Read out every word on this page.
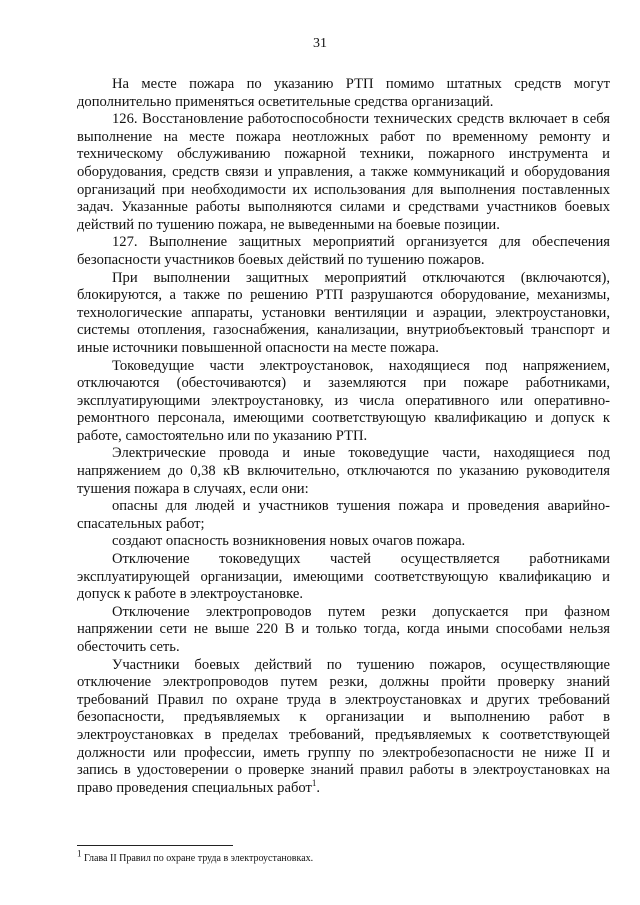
31

На месте пожара по указанию РТП помимо штатных средств могут дополнительно применяться осветительные средства организаций.

126. Восстановление работоспособности технических средств включает в себя выполнение на месте пожара неотложных работ по временному ремонту и техническому обслуживанию пожарной техники, пожарного инструмента и оборудования, средств связи и управления, а также коммуникаций и оборудования организаций при необходимости их использования для выполнения поставленных задач. Указанные работы выполняются силами и средствами участников боевых действий по тушению пожара, не выведенными на боевые позиции.

127. Выполнение защитных мероприятий организуется для обеспечения безопасности участников боевых действий по тушению пожаров.

При выполнении защитных мероприятий отключаются (включаются), блокируются, а также по решению РТП разрушаются оборудование, механизмы, технологические аппараты, установки вентиляции и аэрации, электроустановки, системы отопления, газоснабжения, канализации, внутриобъектовый транспорт и иные источники повышенной опасности на месте пожара.

Токоведущие части электроустановок, находящиеся под напряжением, отключаются (обесточиваются) и заземляются при пожаре работниками, эксплуатирующими электроустановку, из числа оперативного или оперативно-ремонтного персонала, имеющими соответствующую квалификацию и допуск к работе, самостоятельно или по указанию РТП.

Электрические провода и иные токоведущие части, находящиеся под напряжением до 0,38 кВ включительно, отключаются по указанию руководителя тушения пожара в случаях, если они:

опасны для людей и участников тушения пожара и проведения аварийно-спасательных работ;

создают опасность возникновения новых очагов пожара.

Отключение токоведущих частей осуществляется работниками эксплуатирующей организации, имеющими соответствующую квалификацию и допуск к работе в электроустановке.

Отключение электропроводов путем резки допускается при фазном напряжении сети не выше 220 В и только тогда, когда иными способами нельзя обесточить сеть.

Участники боевых действий по тушению пожаров, осуществляющие отключение электропроводов путем резки, должны пройти проверку знаний требований Правил по охране труда в электроустановках и других требований безопасности, предъявляемых к организации и выполнению работ в электроустановках в пределах требований, предъявляемых к соответствующей должности или профессии, иметь группу по электробезопасности не ниже II и запись в удостоверении о проверке знаний правил работы в электроустановках на право проведения специальных работ$^1$.

$^1$ Глава II Правил по охране труда в электроустановках.
